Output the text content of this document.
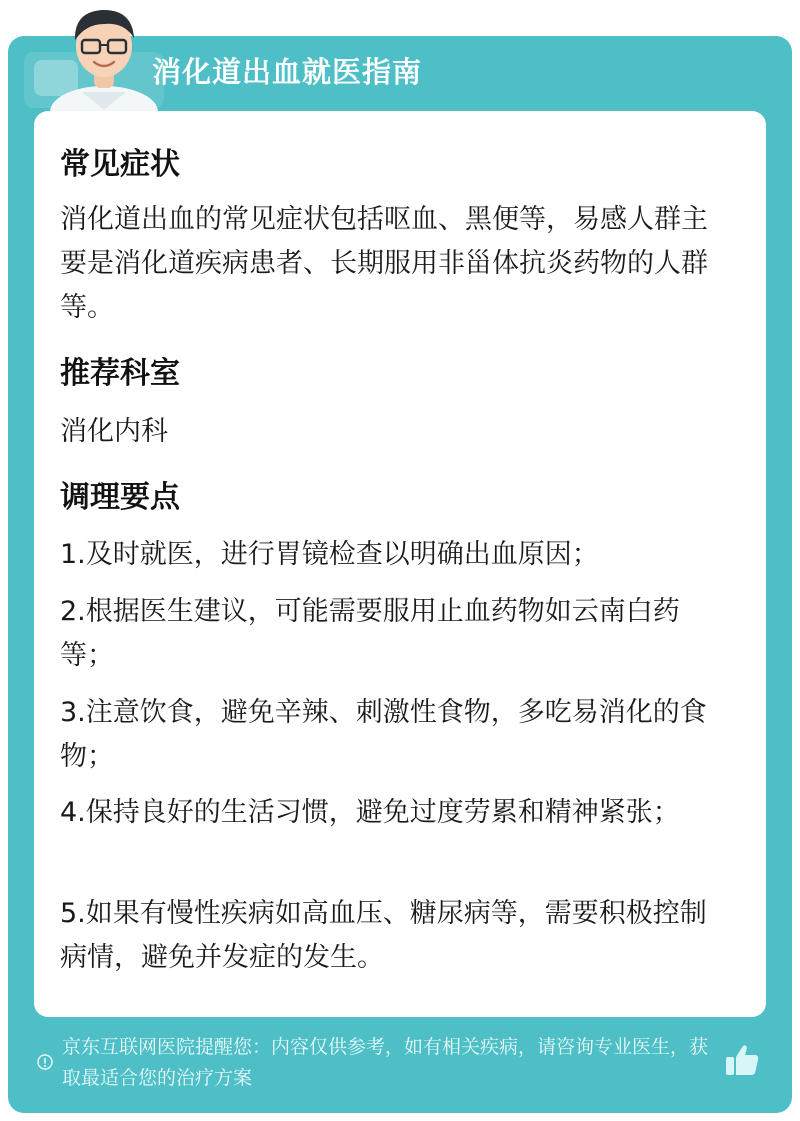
消化道出血就医指南
常见症状
消化道出血的常见症状包括呕血、黑便等，易感人群主要是消化道疾病患者、长期服用非甾体抗炎药物的人群等。
推荐科室
消化内科
调理要点
1.及时就医，进行胃镜检查以明确出血原因；
2.根据医生建议，可能需要服用止血药物如云南白药等；
3.注意饮食，避免辛辣、刺激性食物，多吃易消化的食物；
4.保持良好的生活习惯，避免过度劳累和精神紧张；
5.如果有慢性疾病如高血压、糖尿病等，需要积极控制病情，避免并发症的发生。
京东互联网医院提醒您：内容仅供参考，如有相关疾病，请咨询专业医生，获取最适合您的治疗方案
